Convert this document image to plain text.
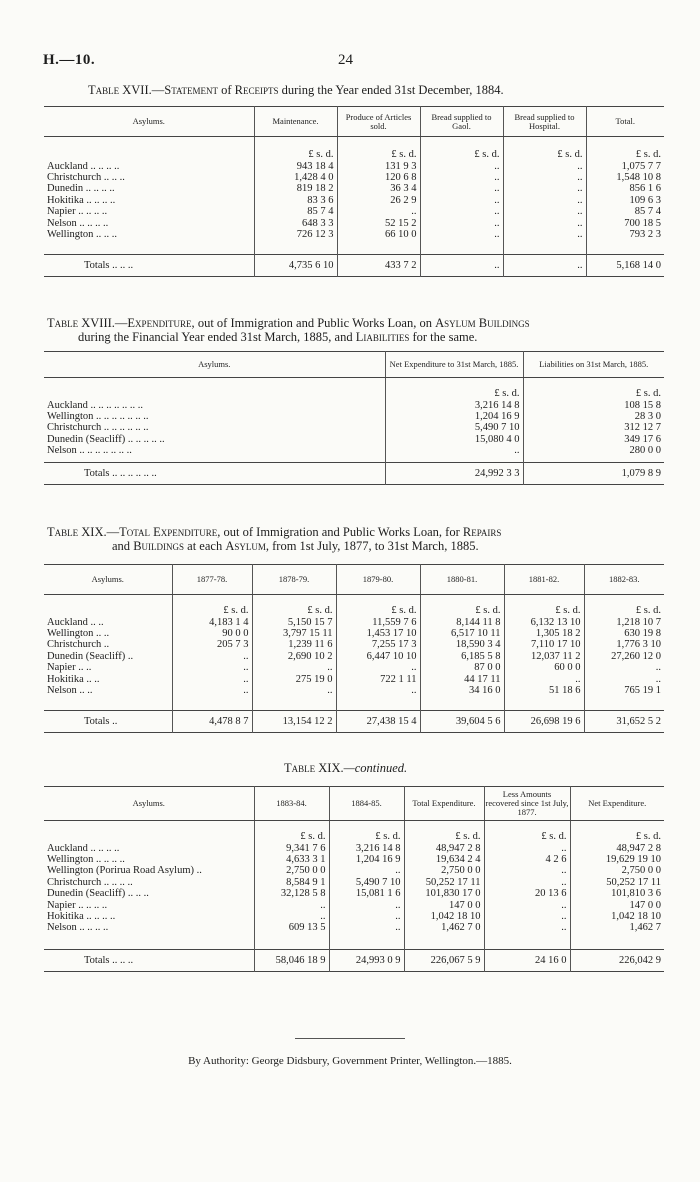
H.—10.	24
Table XVII.—Statement of Receipts during the Year ended 31st December, 1884.
Asylums.	Maintenance.	Produce of Articles sold.	Bread supplied to Gaol.	Bread supplied to Hospital.	Total.
	£ s. d.	£ s. d.	£ s. d.	£ s. d.	£ s. d.
Auckland .. .. .. ..	943 18 4	131 9 3	..	..	1,075 7 7
Christchurch .. .. ..	1,428 4 0	120 6 8	..	..	1,548 10 8
Dunedin .. .. .. ..	819 18 2	36 3 4	..	..	856 1 6
Hokitika .. .. .. ..	83 3 6	26 2 9	..	..	109 6 3
Napier .. .. .. ..	85 7 4	..	..	..	85 7 4
Nelson .. .. .. ..	648 3 3	52 15 2	..	..	700 18 5
Wellington .. .. ..	726 12 3	66 10 0	..	..	793 2 3

Totals .. .. ..	4,735 6 10	433 7 2	..	..	5,168 14 0
Table XVIII.—Expenditure, out of Immigration and Public Works Loan, on Asylum Buildings
during the Financial Year ended 31st March, 1885, and Liabilities for the same.
Asylums.	Net Expenditure to 31st March, 1885.	Liabilities on 31st March, 1885.
	£ s. d.	£ s. d.
Auckland .. .. .. .. .. .. ..	3,216 14 8	108 15 8
Wellington .. .. .. .. .. .. ..	1,204 16 9	28 3 0
Christchurch .. .. .. .. .. ..	5,490 7 10	312 12 7
Dunedin (Seacliff) .. .. .. .. ..	15,080 4 0	349 17 6
Nelson .. .. .. .. .. .. ..	..	280 0 0

Totals .. .. .. .. .. ..	24,992 3 3	1,079 8 9
Table XIX.—Total Expenditure, out of Immigration and Public Works Loan, for Repairs
and Buildings at each Asylum, from 1st July, 1877, to 31st March, 1885.
Asylums.	1877-78.	1878-79.	1879-80.	1880-81.	1881-82.	1882-83.
	£ s. d.	£ s. d.	£ s. d.	£ s. d.	£ s. d.	£ s. d.
Auckland .. ..	4,183 1 4	5,150 15 7	11,559 7 6	8,144 11 8	6,132 13 10	1,218 10 7
Wellington .. ..	90 0 0	3,797 15 11	1,453 17 10	6,517 10 11	1,305 18 2	630 19 8
Christchurch ..	205 7 3	1,239 11 6	7,255 17 3	18,590 3 4	7,110 17 10	1,776 3 10
Dunedin (Seacliff) ..	..	2,690 10 2	6,447 10 10	6,185 5 8	12,037 11 2	27,260 12 0
Napier .. ..	..	..	..	87 0 0	60 0 0	..
Hokitika .. ..	..	275 19 0	722 1 11	44 17 11	..	..
Nelson .. ..	..	..	..	34 16 0	51 18 6	765 19 1

Totals ..	4,478 8 7	13,154 12 2	27,438 15 4	39,604 5 6	26,698 19 6	31,652 5 2
Table XIX.—continued.
Asylums.	1883-84.	1884-85.	Total Expenditure.	Less Amounts recovered since 1st July, 1877.	Net Expenditure.
	£ s. d.	£ s. d.	£ s. d.	£ s. d.	£ s. d.
Auckland .. .. .. ..	9,341 7 6	3,216 14 8	48,947 2 8	..	48,947 2 8
Wellington .. .. .. ..	4,633 3 1	1,204 16 9	19,634 2 4	4 2 6	19,629 19 10
Wellington (Porirua Road Asylum) ..	2,750 0 0	..	2,750 0 0	..	2,750 0 0
Christchurch .. .. .. ..	8,584 9 1	5,490 7 10	50,252 17 11	..	50,252 17 11
Dunedin (Seacliff) .. .. ..	32,128 5 8	15,081 1 6	101,830 17 0	20 13 6	101,810 3 6
Napier .. .. .. ..	..	..	147 0 0	..	147 0 0
Hokitika .. .. .. ..	..	..	1,042 18 10	..	1,042 18 10
Nelson .. .. .. ..	609 13 5	..	1,462 7 0	..	1,462 7

Totals .. .. ..	58,046 18 9	24,993 0 9	226,067 5 9	24 16 0	226,042 9
By Authority: George Didsbury, Government Printer, Wellington.—1885.
